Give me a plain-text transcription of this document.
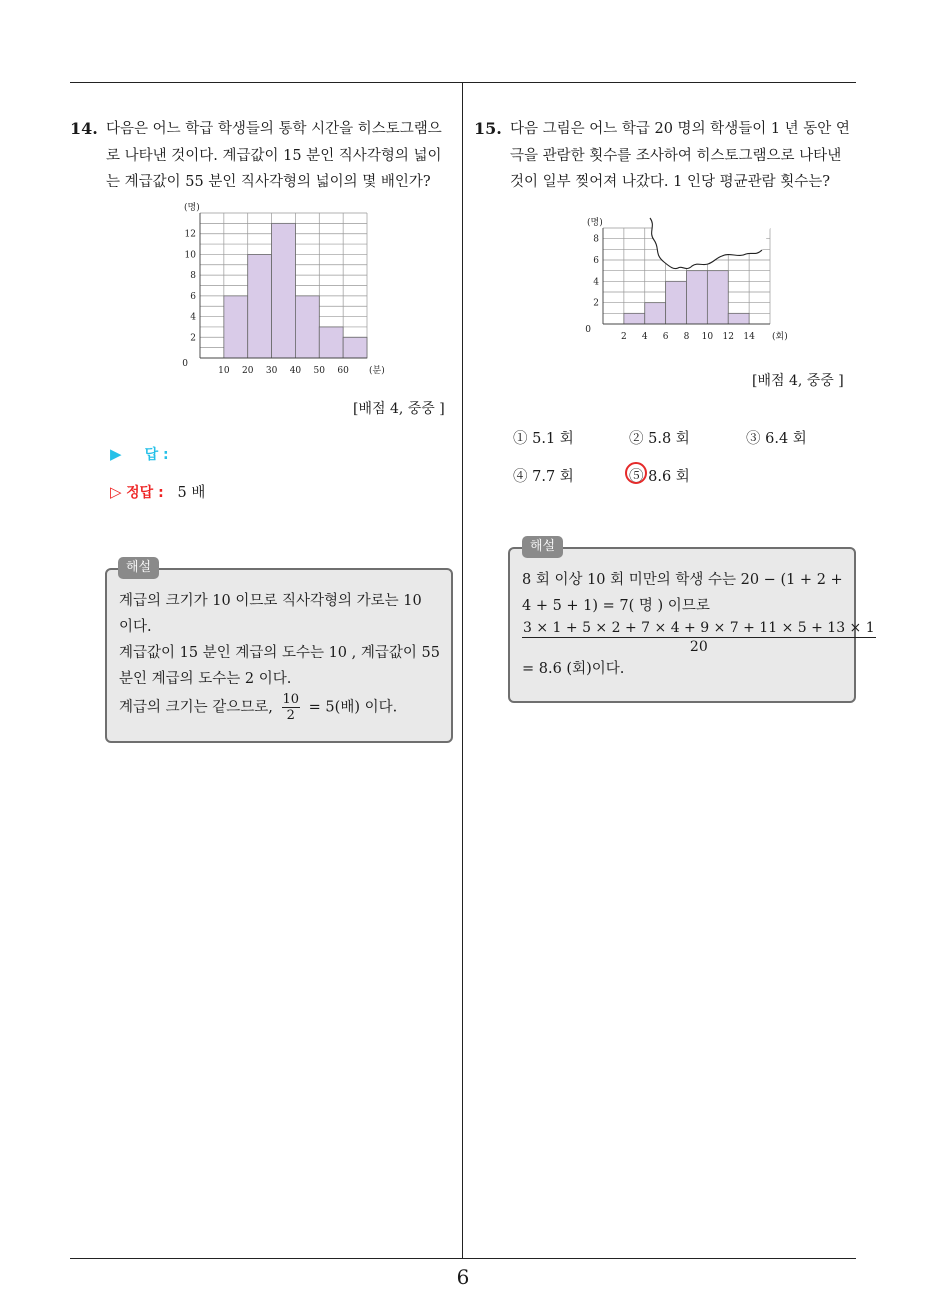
14. 다음은 어느 학급 학생들의 통학 시간을 히스토그램으
로 나타낸 것이다. 계급값이 15 분인 직사각형의 넓이
는 계급값이 55 분인 직사각형의 넓이의 몇 배인가?
0
2
4
6
8
10
12
10 20 30 40 50 60
(명)
(분)
[배점 4, 중중 ]
▶ 답 :
▷ 정답 : 5 배
계급의 크기가 10 이므로 직사각형의 가로는 10
이다.
계급값이 15 분인 계급의 도수는 10 , 계급값이 55
분인 계급의 도수는 2 이다.
계급의 크기는 같으므로, $\frac{10}{2} = 5$(배) 이다.
해설
15. 다음 그림은 어느 학급 20 명의 학생들이 1 년 동안 연
극을 관람한 횟수를 조사하여 히스토그램으로 나타낸
것이 일부 찢어져 나갔다. 1 인당 평균관람 횟수는?
0
2
4
6
8
2 4 6 8 10 12 14
(명)
(회)
[배점 4, 중중 ]
① 5.1 회	② 5.8 회	③ 6.4 회
④ 7.7 회	⑤ 8.6 회
8 회 이상 10 회 미만의 학생 수는 20 − (1 + 2 +
4 + 5 + 1) = 7( 명 ) 이므로
$\frac{3 \times 1 + 5 \times 2 + 7 \times 4 + 9 \times 7 + 11 \times 5 + 13 \times 1}{20}$
= 8.6 (회)이다.
해설
6
